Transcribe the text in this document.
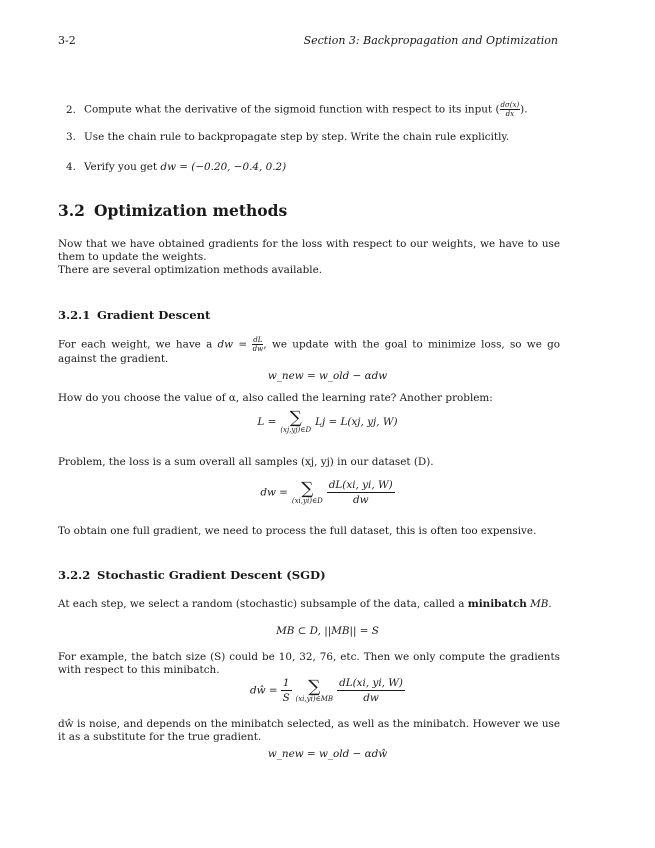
3-2	Section 3: Backpropagation and Optimization
2. Compute what the derivative of the sigmoid function with respect to its input ( $\frac{d\sigma(x)}{dx}$ ).
3. Use the chain rule to backpropagate step by step. Write the chain rule explicitly.
4. Verify you get dw = (−0.20, −0.4, 0.2)
3.2 Optimization methods
Now that we have obtained gradients for the loss with respect to our weights, we have to use them to update the weights.
There are several optimization methods available.
3.2.1 Gradient Descent
For each weight, we have a dw = $\frac{dL}{dw}$ , we update with the goal to minimize loss, so we go against the gradient.
w_new = w_old − αdw
How do you choose the value of α, also called the learning rate? Another problem:
L = ∑
(xj,yj)∈D
Lj = L(xj, yj, W)
Problem, the loss is a sum overall all samples (xj, yj) in our dataset (D).
dw = ∑
(xi,yi)∈D $\frac{dL(xi, yi, W)}{dw}$
To obtain one full gradient, we need to process the full dataset, this is often too expensive.
3.2.2 Stochastic Gradient Descent (SGD)
At each step, we select a random (stochastic) subsample of the data, called a minibatch MB.
MB ⊂ D, ||MB|| = S
For example, the batch size (S) could be 10, 32, 76, etc. Then we only compute the gradients with respect to this minibatch.
dŵ = $\frac{1}{S}$ ∑
(xi,yi)∈MB $\frac{dL(xi, yi, W)}{dw}$
dŵ is noise, and depends on the minibatch selected, as well as the minibatch. However we use it as a substitute for the true gradient.
w_new = w_old − αdŵ
